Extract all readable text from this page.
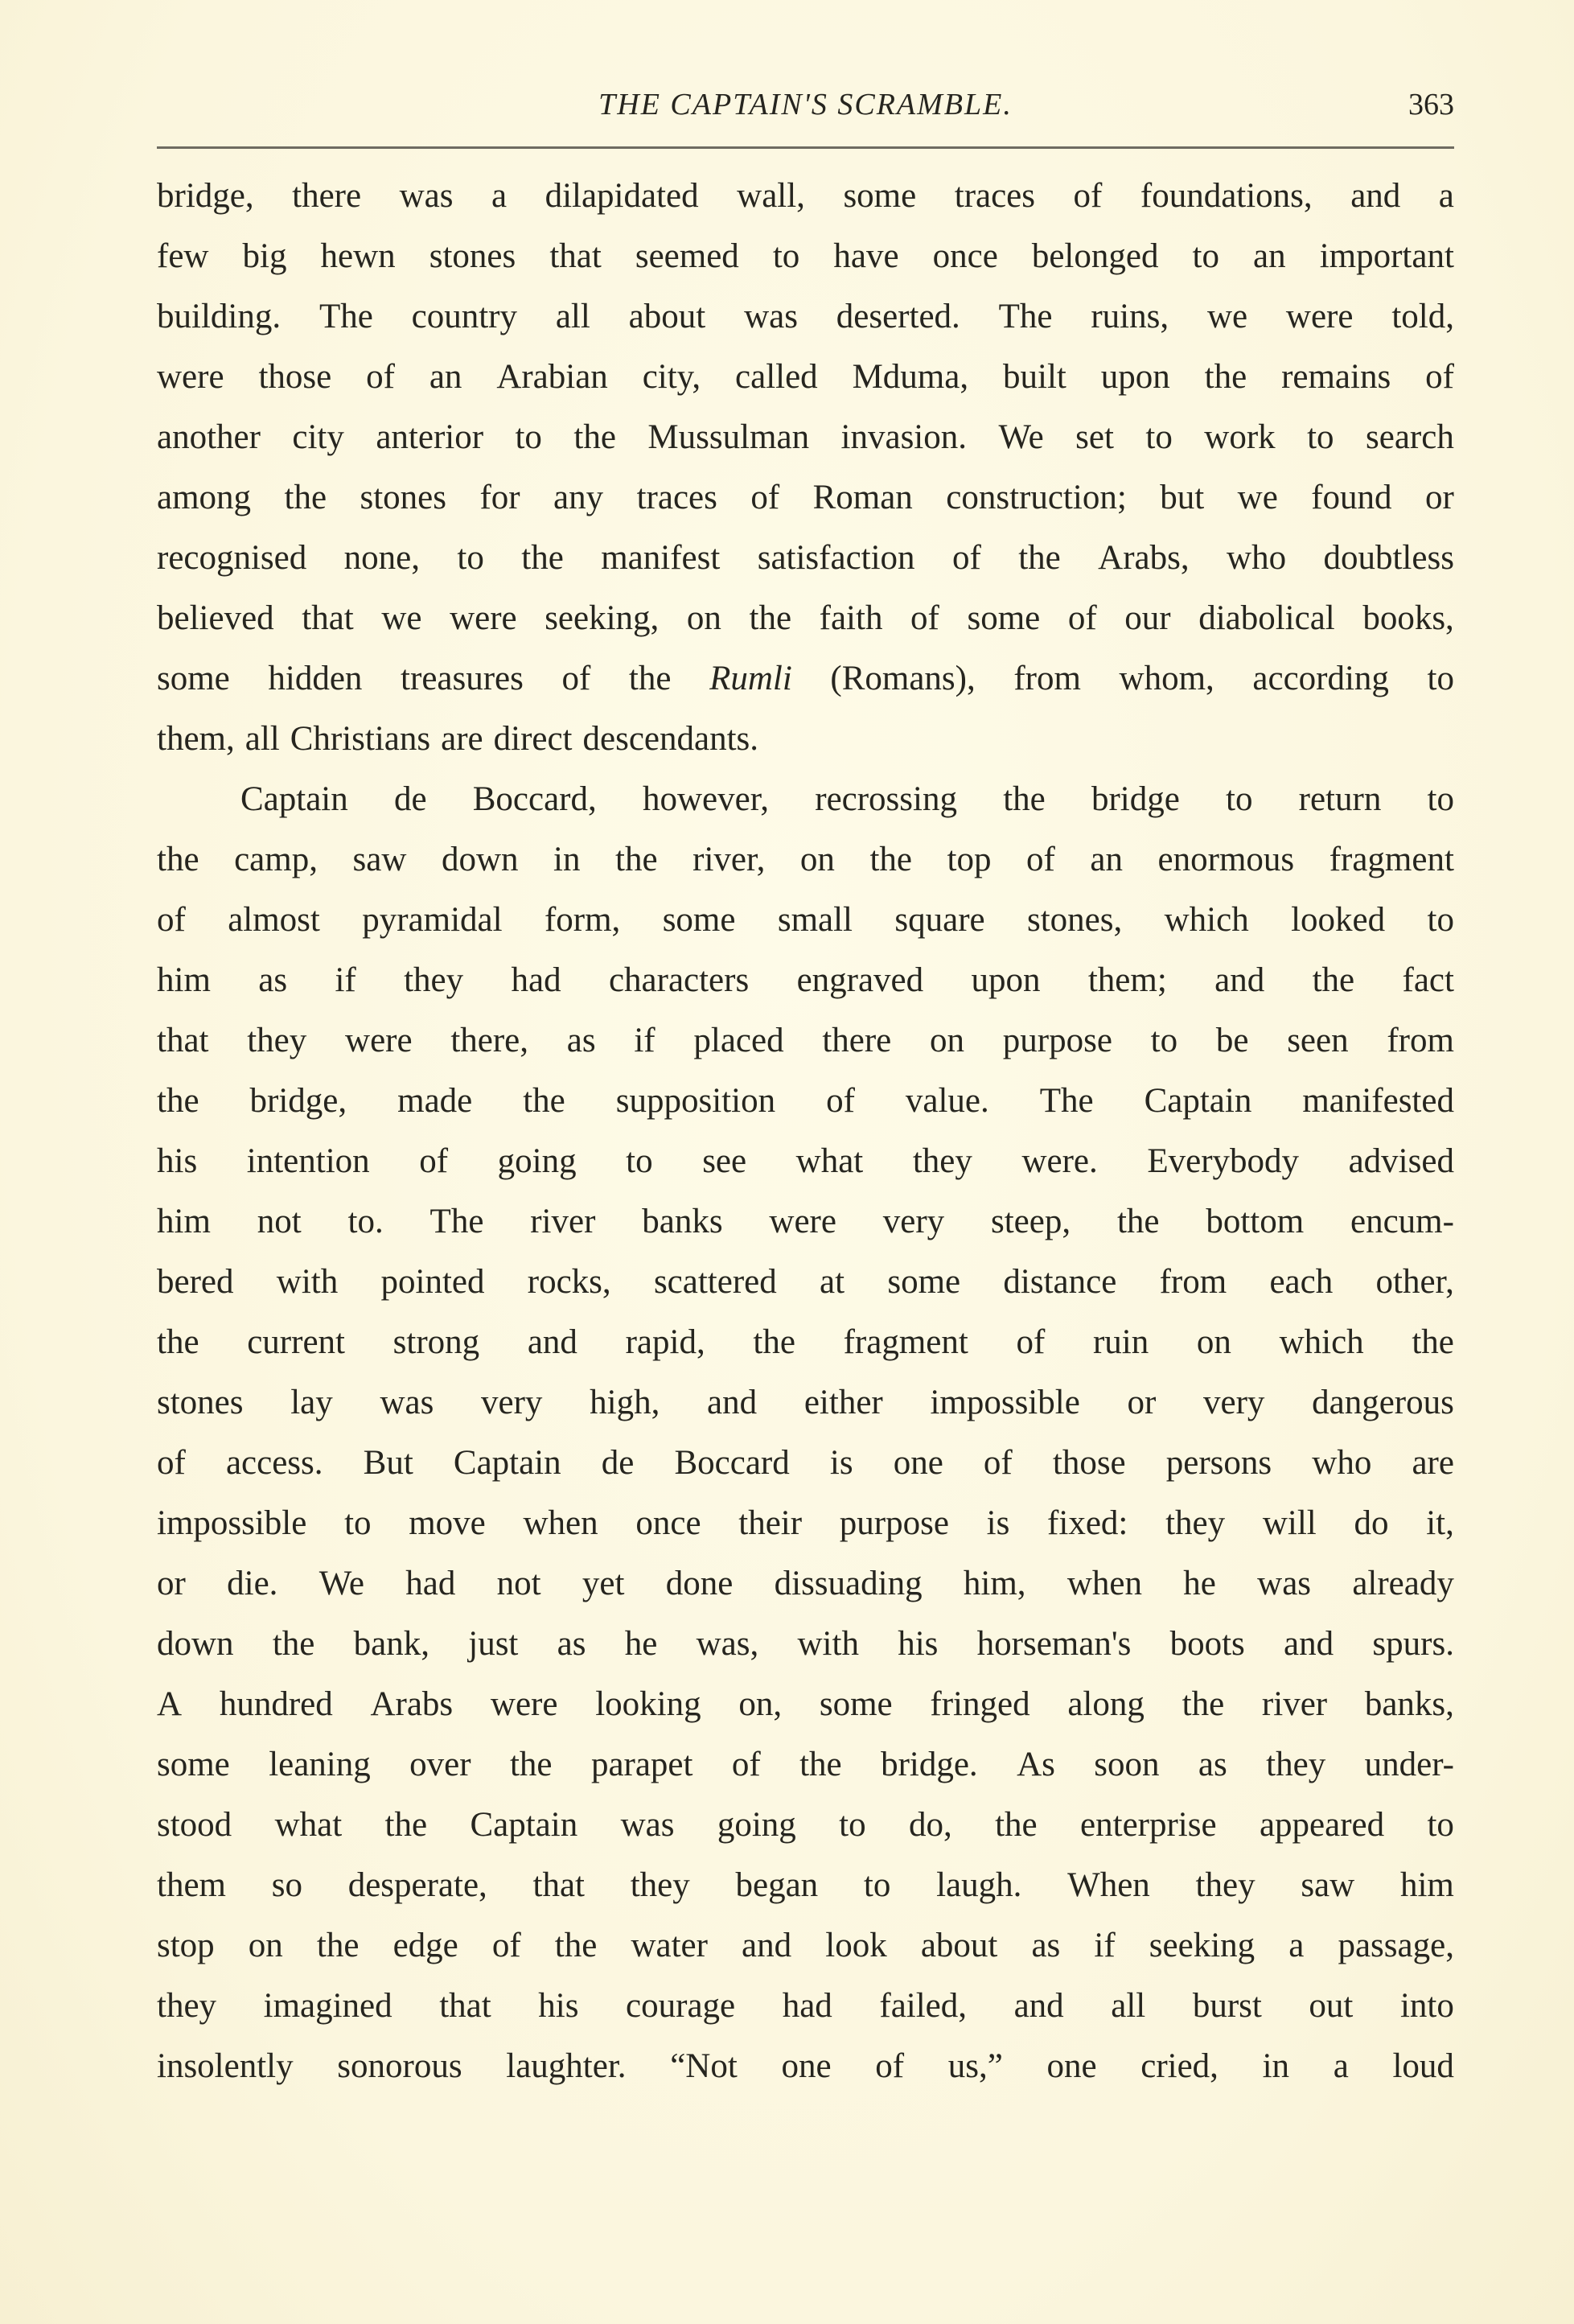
THE CAPTAIN'S SCRAMBLE.	363
bridge, there was a dilapidated wall, some traces of foundations, and a
few big hewn stones that seemed to have once belonged to an important
building. The country all about was deserted. The ruins, we were told,
were those of an Arabian city, called Mduma, built upon the remains of
another city anterior to the Mussulman invasion. We set to work to search
among the stones for any traces of Roman construction; but we found or
recognised none, to the manifest satisfaction of the Arabs, who doubtless
believed that we were seeking, on the faith of some of our diabolical books,
some hidden treasures of the Rumli (Romans), from whom, according to
them, all Christians are direct descendants.
Captain de Boccard, however, recrossing the bridge to return to
the camp, saw down in the river, on the top of an enormous fragment
of almost pyramidal form, some small square stones, which looked to
him as if they had characters engraved upon them; and the fact
that they were there, as if placed there on purpose to be seen from
the bridge, made the supposition of value. The Captain manifested
his intention of going to see what they were. Everybody advised
him not to. The river banks were very steep, the bottom encum-
bered with pointed rocks, scattered at some distance from each other,
the current strong and rapid, the fragment of ruin on which the
stones lay was very high, and either impossible or very dangerous
of access. But Captain de Boccard is one of those persons who are
impossible to move when once their purpose is fixed: they will do it,
or die. We had not yet done dissuading him, when he was already
down the bank, just as he was, with his horseman's boots and spurs.
A hundred Arabs were looking on, some fringed along the river banks,
some leaning over the parapet of the bridge. As soon as they under-
stood what the Captain was going to do, the enterprise appeared to
them so desperate, that they began to laugh. When they saw him
stop on the edge of the water and look about as if seeking a passage,
they imagined that his courage had failed, and all burst out into
insolently sonorous laughter. “Not one of us,” one cried, in a loud
